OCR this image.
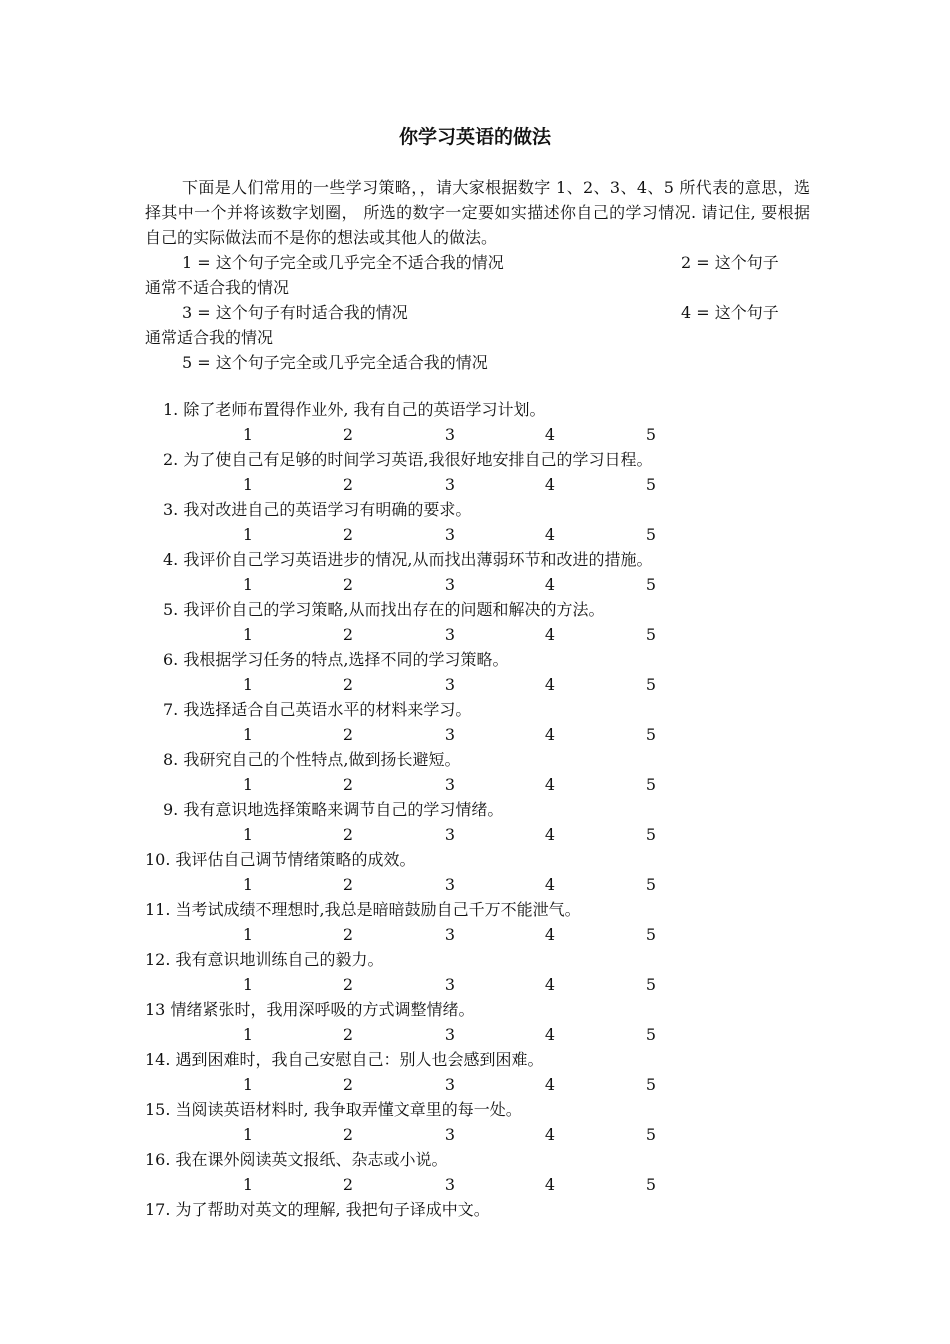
你学习英语的做法

下面是人们常用的一些学习策略，，请大家根据数字 1、2、3、4、5 所代表的意思，选择其中一个并将该数字划圈， 所选的数字一定要如实描述你自己的学习情况. 请记住, 要根据自己的实际做法而不是你的想法或其他人的做法。

1 = 这个句子完全或几乎完全不适合我的情况	2 = 这个句子
通常不适合我的情况
3 = 这个句子有时适合我的情况	4 = 这个句子
通常适合我的情况
5 = 这个句子完全或几乎完全适合我的情况
1. 除了老师布置得作业外, 我有自己的英语学习计划。
1	2	3	4	5
2. 为了使自己有足够的时间学习英语,我很好地安排自己的学习日程。
1	2	3	4	5
3. 我对改进自己的英语学习有明确的要求。
1	2	3	4	5
4. 我评价自己学习英语进步的情况,从而找出薄弱环节和改进的措施。
1	2	3	4	5
5. 我评价自己的学习策略,从而找出存在的问题和解决的方法。
1	2	3	4	5
6. 我根据学习任务的特点,选择不同的学习策略。
1	2	3	4	5
7. 我选择适合自己英语水平的材料来学习。
1	2	3	4	5
8. 我研究自己的个性特点,做到扬长避短。
1	2	3	4	5
9. 我有意识地选择策略来调节自己的学习情绪。
1	2	3	4	5
10. 我评估自己调节情绪策略的成效。
1	2	3	4	5
11. 当考试成绩不理想时,我总是暗暗鼓励自己千万不能泄气。
1	2	3	4	5
12. 我有意识地训练自己的毅力。
1	2	3	4	5
13 情绪紧张时，我用深呼吸的方式调整情绪。
1	2	3	4	5
14. 遇到困难时，我自己安慰自己：别人也会感到困难。
1	2	3	4	5
15. 当阅读英语材料时, 我争取弄懂文章里的每一处。
1	2	3	4	5
16. 我在课外阅读英文报纸、杂志或小说。
1	2	3	4	5
17. 为了帮助对英文的理解, 我把句子译成中文。
